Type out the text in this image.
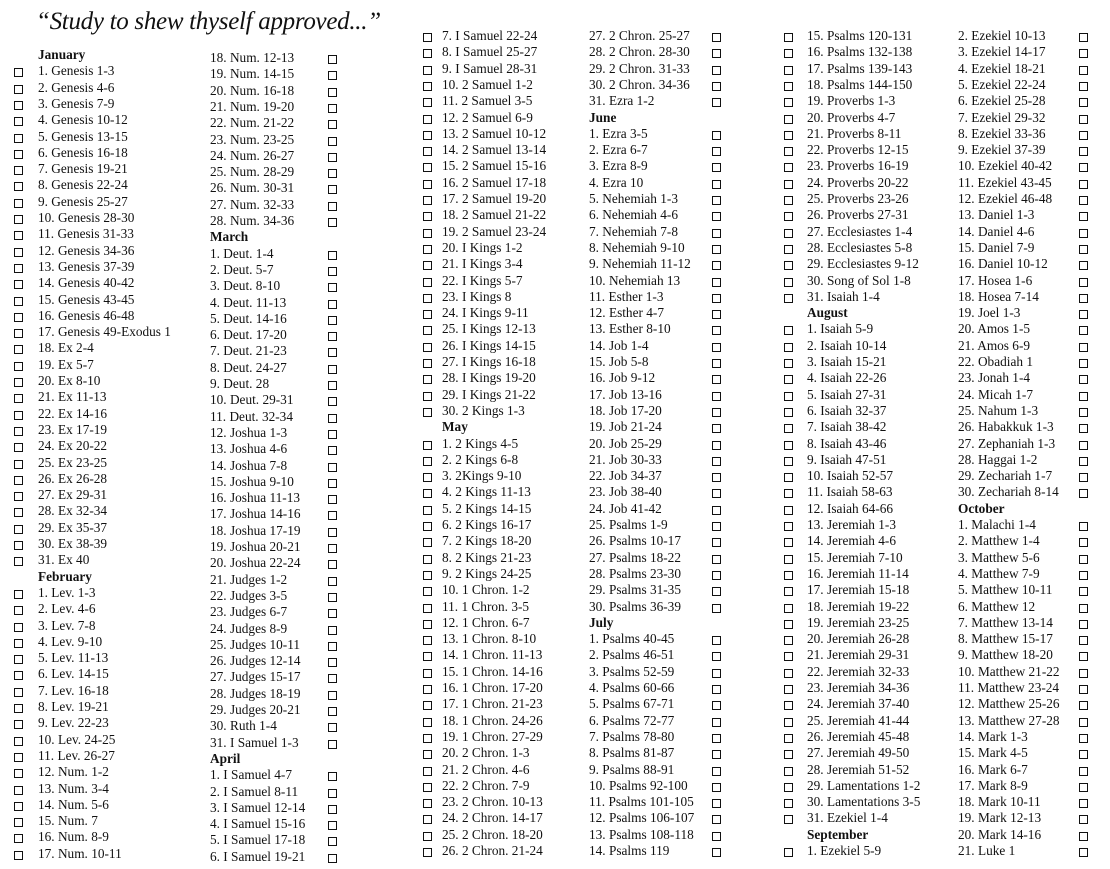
“Study to shew thyself approved...”
January
1. Genesis 1-3
2. Genesis 4-6
3. Genesis 7-9
4. Genesis 10-12
5. Genesis 13-15
6. Genesis 16-18
7. Genesis 19-21
8. Genesis 22-24
9. Genesis 25-27
10. Genesis 28-30
11. Genesis 31-33
12. Genesis 34-36
13. Genesis 37-39
14. Genesis 40-42
15. Genesis 43-45
16. Genesis 46-48
17. Genesis 49-Exodus 1
18. Ex 2-4
19. Ex 5-7
20. Ex 8-10
21. Ex 11-13
22. Ex 14-16
23. Ex 17-19
24. Ex 20-22
25. Ex 23-25
26. Ex 26-28
27. Ex 29-31
28. Ex 32-34
29. Ex 35-37
30. Ex 38-39
31. Ex 40
February
1. Lev. 1-3
2. Lev. 4-6
3. Lev. 7-8
4. Lev. 9-10
5. Lev. 11-13
6. Lev. 14-15
7. Lev. 16-18
8. Lev. 19-21
9. Lev. 22-23
10. Lev. 24-25
11. Lev. 26-27
12. Num. 1-2
13. Num. 3-4
14. Num. 5-6
15. Num. 7
16. Num. 8-9
17. Num. 10-11
18. Num. 12-13
19. Num. 14-15
20. Num. 16-18
21. Num. 19-20
22. Num. 21-22
23. Num. 23-25
24. Num. 26-27
25. Num. 28-29
26. Num. 30-31
27. Num. 32-33
28. Num. 34-36
March
1. Deut. 1-4
2. Deut. 5-7
3. Deut. 8-10
4. Deut. 11-13
5. Deut. 14-16
6. Deut. 17-20
7. Deut. 21-23
8. Deut. 24-27
9. Deut. 28
10. Deut. 29-31
11. Deut. 32-34
12. Joshua 1-3
13. Joshua 4-6
14. Joshua 7-8
15. Joshua 9-10
16. Joshua 11-13
17. Joshua 14-16
18. Joshua 17-19
19. Joshua 20-21
20. Joshua 22-24
21. Judges 1-2
22. Judges 3-5
23. Judges 6-7
24. Judges 8-9
25. Judges 10-11
26. Judges 12-14
27. Judges 15-17
28. Judges 18-19
29. Judges 20-21
30. Ruth 1-4
31. I Samuel 1-3
April
1. I Samuel 4-7
2. I Samuel 8-11
3. I Samuel 12-14
4. I Samuel 15-16
5. I Samuel 17-18
6. I Samuel 19-21
7. I Samuel 22-24
8. I Samuel 25-27
9. I Samuel 28-31
10. 2 Samuel 1-2
11. 2 Samuel 3-5
12. 2 Samuel 6-9
13. 2 Samuel 10-12
14. 2 Samuel 13-14
15. 2 Samuel 15-16
16. 2 Samuel 17-18
17. 2 Samuel 19-20
18. 2 Samuel 21-22
19. 2 Samuel 23-24
20. I Kings 1-2
21. I Kings 3-4
22. I Kings 5-7
23. I Kings 8
24. I Kings 9-11
25. I Kings 12-13
26. I Kings 14-15
27. I Kings 16-18
28. I Kings 19-20
29. I Kings 21-22
30. 2 Kings 1-3
May
1. 2 Kings 4-5
2. 2 Kings 6-8
3. 2Kings 9-10
4. 2 Kings 11-13
5. 2 Kings 14-15
6. 2 Kings 16-17
7. 2 Kings 18-20
8. 2 Kings 21-23
9. 2 Kings 24-25
10. 1 Chron. 1-2
11. 1 Chron. 3-5
12. 1 Chron. 6-7
13. 1 Chron. 8-10
14. 1 Chron. 11-13
15. 1 Chron. 14-16
16. 1 Chron. 17-20
17. 1 Chron. 21-23
18. 1 Chron. 24-26
19. 1 Chron. 27-29
20. 2 Chron. 1-3
21. 2 Chron. 4-6
22. 2 Chron. 7-9
23. 2 Chron. 10-13
24. 2 Chron. 14-17
25. 2 Chron. 18-20
26. 2 Chron. 21-24
27. 2 Chron. 25-27
28. 2 Chron. 28-30
29. 2 Chron. 31-33
30. 2 Chron. 34-36
31. Ezra 1-2
June
1. Ezra 3-5
2. Ezra 6-7
3. Ezra 8-9
4. Ezra 10
5. Nehemiah 1-3
6. Nehemiah 4-6
7. Nehemiah 7-8
8. Nehemiah 9-10
9. Nehemiah 11-12
10. Nehemiah 13
11. Esther 1-3
12. Esther 4-7
13. Esther 8-10
14. Job 1-4
15. Job 5-8
16. Job 9-12
17. Job 13-16
18. Job 17-20
19. Job 21-24
20. Job 25-29
21. Job 30-33
22. Job 34-37
23. Job 38-40
24. Job 41-42
25. Psalms 1-9
26. Psalms 10-17
27. Psalms 18-22
28. Psalms 23-30
29. Psalms 31-35
30. Psalms 36-39
July
1. Psalms 40-45
2. Psalms 46-51
3. Psalms 52-59
4. Psalms 60-66
5. Psalms 67-71
6. Psalms 72-77
7. Psalms 78-80
8. Psalms 81-87
9. Psalms 88-91
10. Psalms 92-100
11. Psalms 101-105
12. Psalms 106-107
13. Psalms 108-118
14. Psalms 119
15. Psalms 120-131
16. Psalms 132-138
17. Psalms 139-143
18. Psalms 144-150
19. Proverbs 1-3
20. Proverbs 4-7
21. Proverbs 8-11
22. Proverbs 12-15
23. Proverbs 16-19
24. Proverbs 20-22
25. Proverbs 23-26
26. Proverbs 27-31
27. Ecclesiastes 1-4
28. Ecclesiastes 5-8
29. Ecclesiastes 9-12
30. Song of Sol 1-8
31. Isaiah 1-4
August
1. Isaiah 5-9
2. Isaiah 10-14
3. Isaiah 15-21
4. Isaiah 22-26
5. Isaiah 27-31
6. Isaiah 32-37
7. Isaiah 38-42
8. Isaiah 43-46
9. Isaiah 47-51
10. Isaiah 52-57
11. Isaiah 58-63
12. Isaiah 64-66
13. Jeremiah 1-3
14. Jeremiah 4-6
15. Jeremiah 7-10
16. Jeremiah 11-14
17. Jeremiah 15-18
18. Jeremiah 19-22
19. Jeremiah 23-25
20. Jeremiah 26-28
21. Jeremiah 29-31
22. Jeremiah 32-33
23. Jeremiah 34-36
24. Jeremiah 37-40
25. Jeremiah 41-44
26. Jeremiah 45-48
27. Jeremiah 49-50
28. Jeremiah 51-52
29. Lamentations 1-2
30. Lamentations 3-5
31. Ezekiel 1-4
September
1. Ezekiel 5-9
2. Ezekiel 10-13
3. Ezekiel 14-17
4. Ezekiel 18-21
5. Ezekiel 22-24
6. Ezekiel 25-28
7. Ezekiel 29-32
8. Ezekiel 33-36
9. Ezekiel 37-39
10. Ezekiel 40-42
11. Ezekiel 43-45
12. Ezekiel 46-48
13. Daniel 1-3
14. Daniel 4-6
15. Daniel 7-9
16. Daniel 10-12
17. Hosea 1-6
18. Hosea 7-14
19. Joel 1-3
20. Amos 1-5
21. Amos 6-9
22. Obadiah 1
23. Jonah 1-4
24. Micah 1-7
25. Nahum 1-3
26. Habakkuk 1-3
27. Zephaniah 1-3
28. Haggai 1-2
29. Zechariah 1-7
30. Zechariah 8-14
October
1. Malachi 1-4
2. Matthew 1-4
3. Matthew 5-6
4. Matthew 7-9
5. Matthew 10-11
6. Matthew 12
7. Matthew 13-14
8. Matthew 15-17
9. Matthew 18-20
10. Matthew 21-22
11. Matthew 23-24
12. Matthew 25-26
13. Matthew 27-28
14. Mark 1-3
15. Mark 4-5
16. Mark 6-7
17. Mark 8-9
18. Mark 10-11
19. Mark 12-13
20. Mark 14-16
21. Luke 1
